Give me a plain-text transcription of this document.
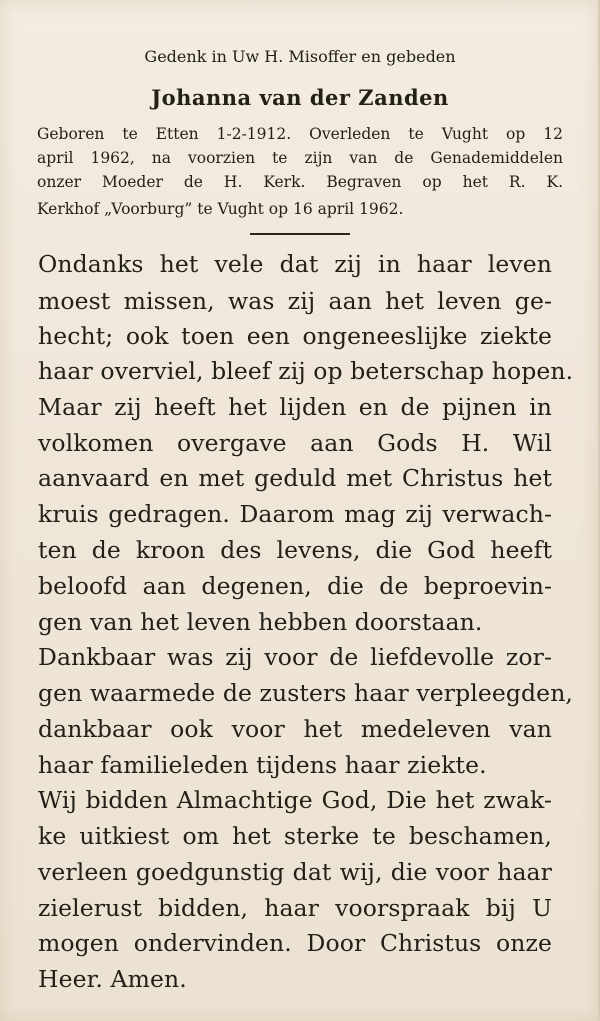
Gedenk in Uw H. Misoffer en gebeden
Johanna van der Zanden
Geboren te Etten 1-2-1912. Overleden te Vught op 12
april 1962, na voorzien te zijn van de Genademiddelen
onzer Moeder de H. Kerk. Begraven op het R. K.
Kerkhof „Voorburg” te Vught op 16 april 1962.
Ondanks het vele dat zij in haar leven
moest missen, was zij aan het leven ge-
hecht; ook toen een ongeneeslijke ziekte
haar overviel, bleef zij op beterschap hopen.
Maar zij heeft het lijden en de pijnen in
volkomen overgave aan Gods H. Wil
aanvaard en met geduld met Christus het
kruis gedragen. Daarom mag zij verwach-
ten de kroon des levens, die God heeft
beloofd aan degenen, die de beproevin-
gen van het leven hebben doorstaan.
Dankbaar was zij voor de liefdevolle zor-
gen waarmede de zusters haar verpleegden,
dankbaar ook voor het medeleven van
haar familieleden tijdens haar ziekte.
Wij bidden Almachtige God, Die het zwak-
ke uitkiest om het sterke te beschamen,
verleen goedgunstig dat wij, die voor haar
zielerust bidden, haar voorspraak bij U
mogen ondervinden. Door Christus onze
Heer. Amen.
